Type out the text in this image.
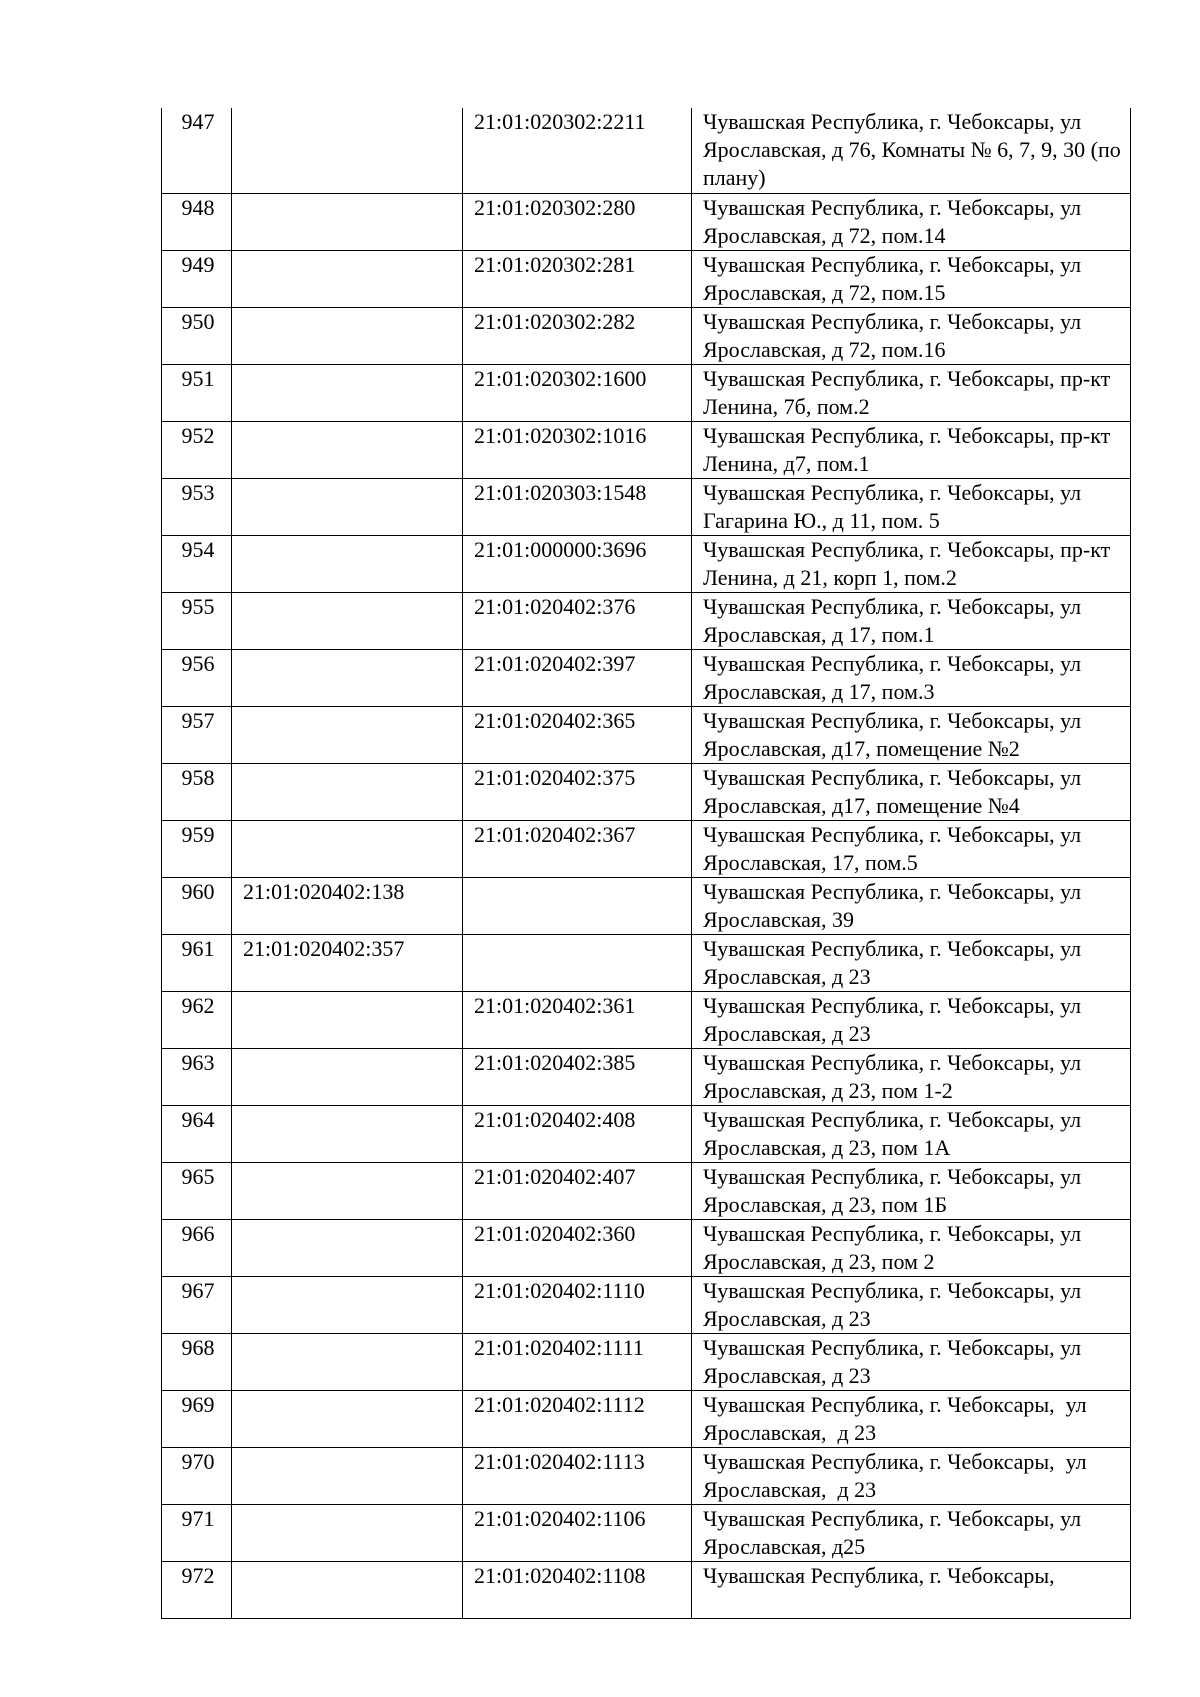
947		21:01:020302:2211	Чувашская Республика, г. Чебоксары, ул Ярославская, д 76, Комнаты № 6, 7, 9, 30 (по плану)
948		21:01:020302:280	Чувашская Республика, г. Чебоксары, ул Ярославская, д 72, пом.14
949		21:01:020302:281	Чувашская Республика, г. Чебоксары, ул Ярославская, д 72, пом.15
950		21:01:020302:282	Чувашская Республика, г. Чебоксары, ул Ярославская, д 72, пом.16
951		21:01:020302:1600	Чувашская Республика, г. Чебоксары, пр-кт Ленина, 7б, пом.2
952		21:01:020302:1016	Чувашская Республика, г. Чебоксары, пр-кт Ленина, д7, пом.1
953		21:01:020303:1548	Чувашская Республика, г. Чебоксары, ул Гагарина Ю., д 11, пом. 5
954		21:01:000000:3696	Чувашская Республика, г. Чебоксары, пр-кт Ленина, д 21, корп 1, пом.2
955		21:01:020402:376	Чувашская Республика, г. Чебоксары, ул Ярославская, д 17, пом.1
956		21:01:020402:397	Чувашская Республика, г. Чебоксары, ул Ярославская, д 17, пом.3
957		21:01:020402:365	Чувашская Республика, г. Чебоксары, ул Ярославская, д17, помещение №2
958		21:01:020402:375	Чувашская Республика, г. Чебоксары, ул Ярославская, д17, помещение №4
959		21:01:020402:367	Чувашская Республика, г. Чебоксары, ул Ярославская, 17, пом.5
960	21:01:020402:138		Чувашская Республика, г. Чебоксары, ул Ярославская, 39
961	21:01:020402:357		Чувашская Республика, г. Чебоксары, ул Ярославская, д 23
962		21:01:020402:361	Чувашская Республика, г. Чебоксары, ул Ярославская, д 23
963		21:01:020402:385	Чувашская Республика, г. Чебоксары, ул Ярославская, д 23, пом 1-2
964		21:01:020402:408	Чувашская Республика, г. Чебоксары, ул Ярославская, д 23, пом 1А
965		21:01:020402:407	Чувашская Республика, г. Чебоксары, ул Ярославская, д 23, пом 1Б
966		21:01:020402:360	Чувашская Республика, г. Чебоксары, ул Ярославская, д 23, пом 2
967		21:01:020402:1110	Чувашская Республика, г. Чебоксары, ул Ярославская, д 23
968		21:01:020402:1111	Чувашская Республика, г. Чебоксары, ул Ярославская, д 23
969		21:01:020402:1112	Чувашская Республика, г. Чебоксары,  ул Ярославская,  д 23
970		21:01:020402:1113	Чувашская Республика, г. Чебоксары,  ул Ярославская,  д 23
971		21:01:020402:1106	Чувашская Республика, г. Чебоксары, ул Ярославская, д25
972		21:01:020402:1108	Чувашская Республика, г. Чебоксары,
